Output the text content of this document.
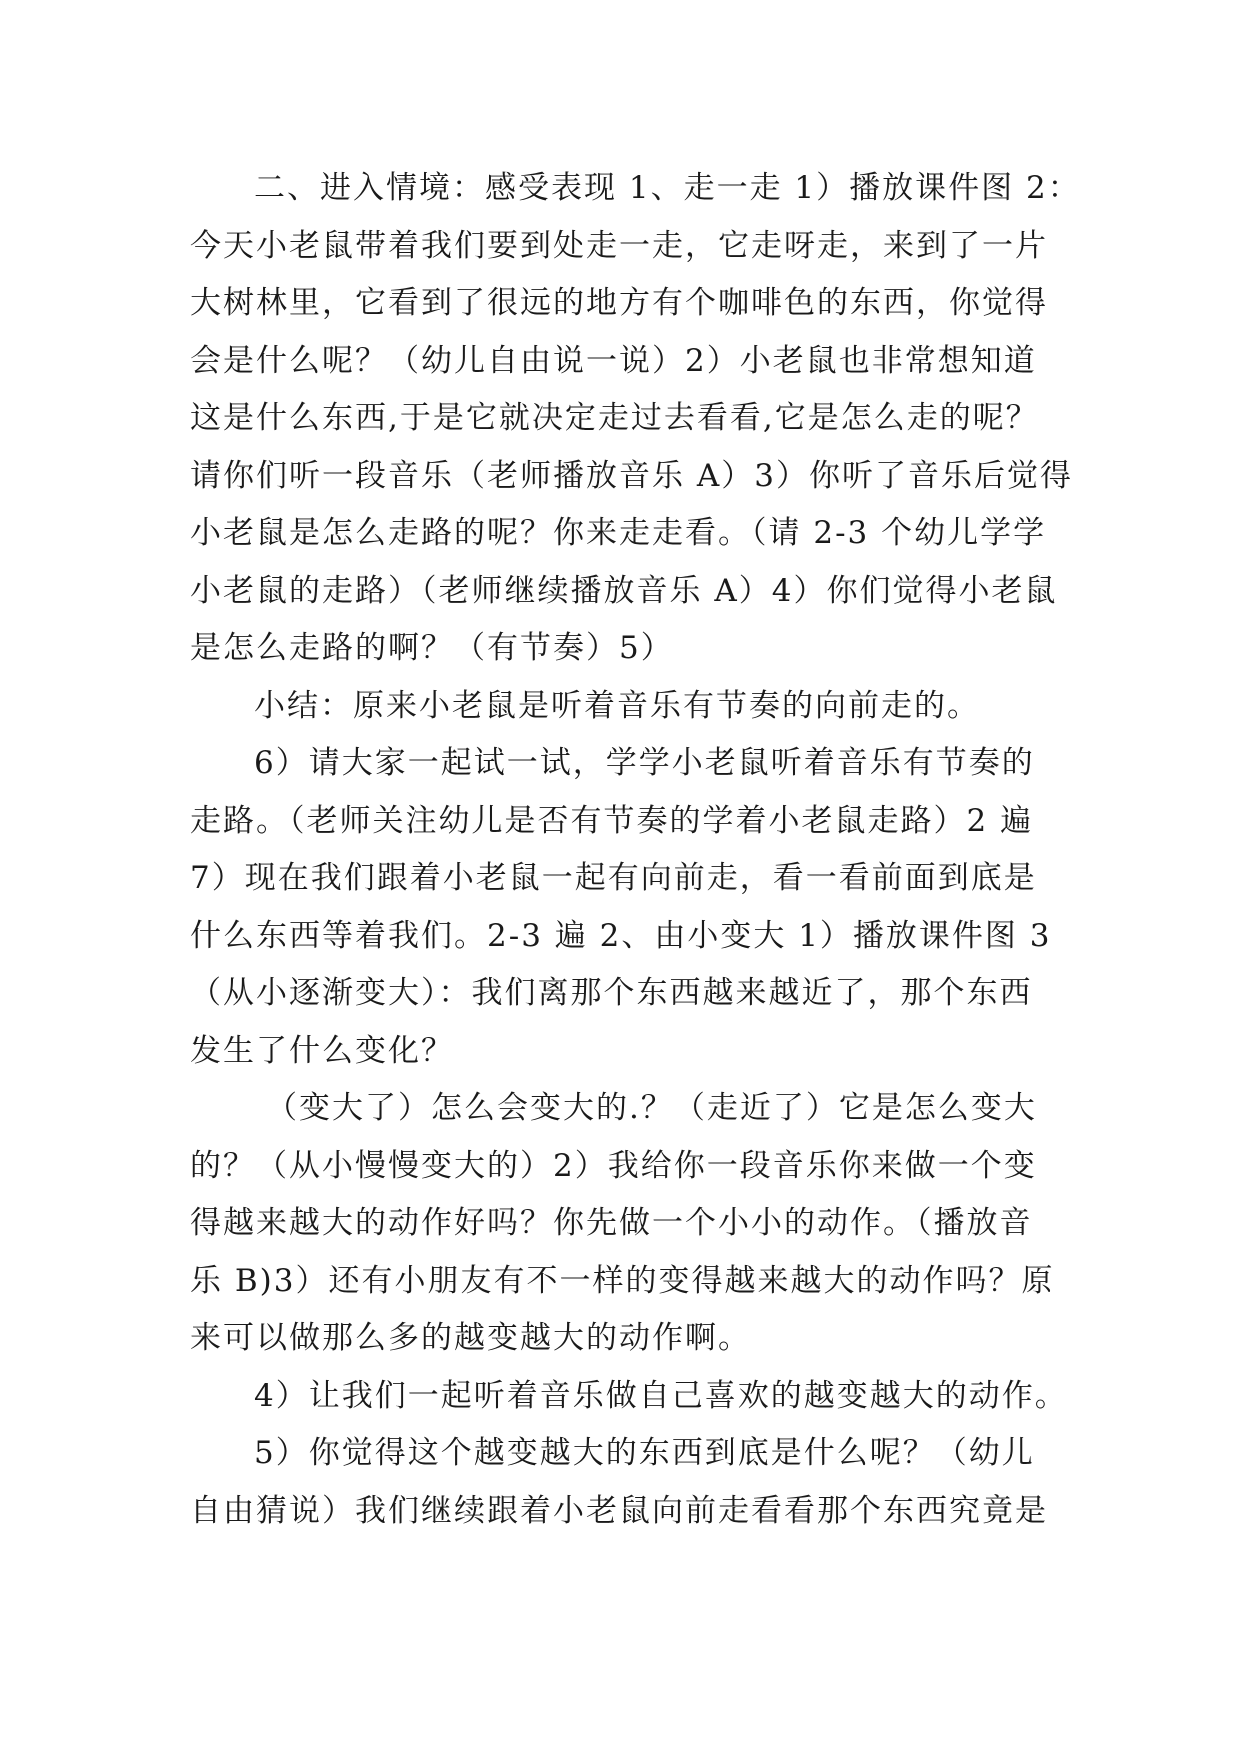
二、进入情境：感受表现 1、走一走 1）播放课件图 2：
今天小老鼠带着我们要到处走一走，它走呀走，来到了一片
大树林里，它看到了很远的地方有个咖啡色的东西，你觉得
会是什么呢？（幼儿自由说一说）2）小老鼠也非常想知道
这是什么东西,于是它就决定走过去看看,它是怎么走的呢？
请你们听一段音乐（老师播放音乐 A）3）你听了音乐后觉得
小老鼠是怎么走路的呢？你来走走看。（请 2-3 个幼儿学学
小老鼠的走路）（老师继续播放音乐 A）4）你们觉得小老鼠
是怎么走路的啊？（有节奏）5）
小结：原来小老鼠是听着音乐有节奏的向前走的。
6）请大家一起试一试，学学小老鼠听着音乐有节奏的
走路。（老师关注幼儿是否有节奏的学着小老鼠走路）2 遍
7）现在我们跟着小老鼠一起有向前走，看一看前面到底是
什么东西等着我们。2-3 遍 2、由小变大 1）播放课件图 3
（从小逐渐变大）：我们离那个东西越来越近了，那个东西
发生了什么变化？
（变大了）怎么会变大的.？（走近了）它是怎么变大
的？（从小慢慢变大的）2）我给你一段音乐你来做一个变
得越来越大的动作好吗？你先做一个小小的动作。（播放音
乐 B)3）还有小朋友有不一样的变得越来越大的动作吗？原
来可以做那么多的越变越大的动作啊。
4）让我们一起听着音乐做自己喜欢的越变越大的动作。
5）你觉得这个越变越大的东西到底是什么呢？（幼儿
自由猜说）我们继续跟着小老鼠向前走看看那个东西究竟是
